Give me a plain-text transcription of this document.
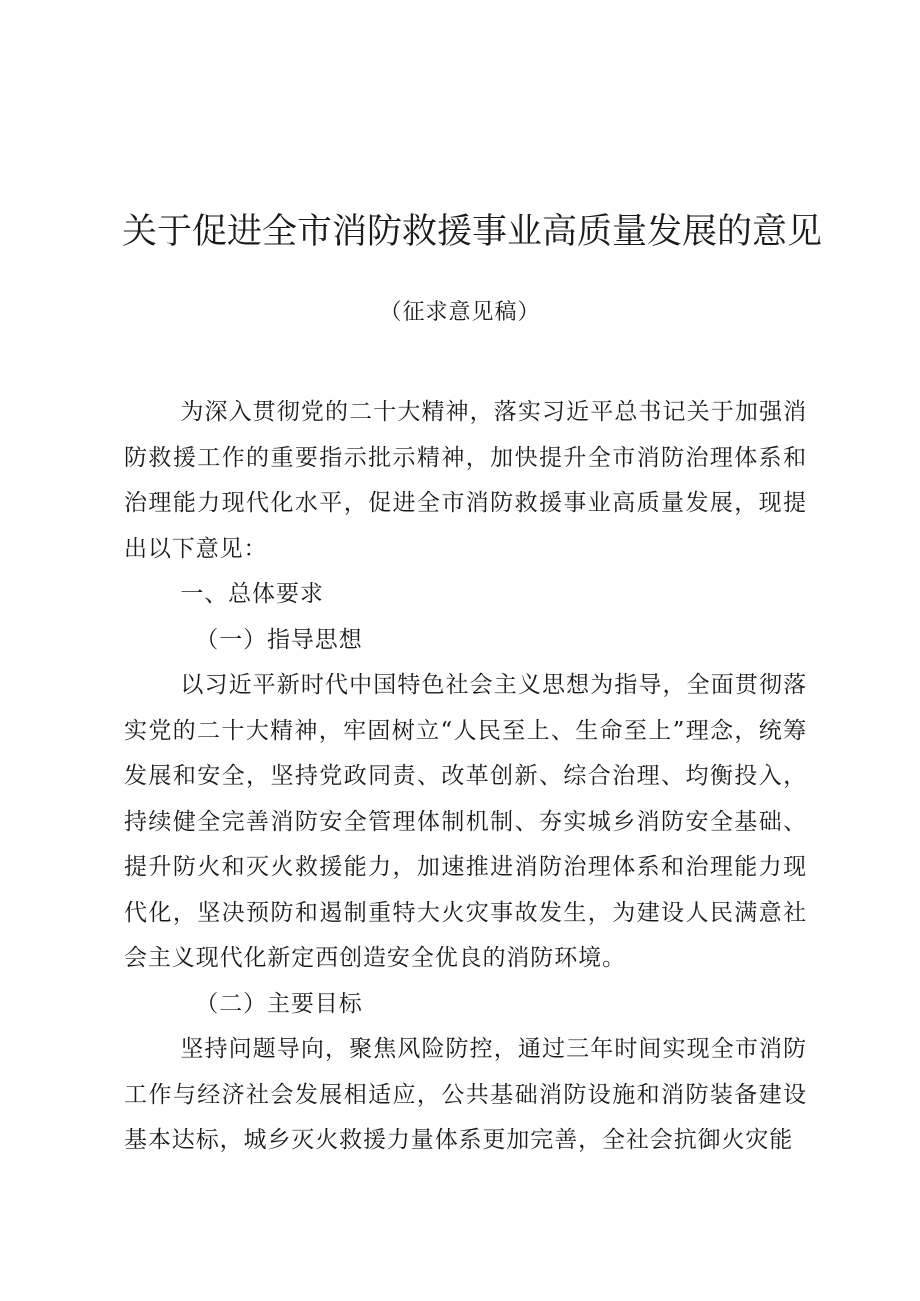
关于促进全市消防救援事业高质量发展的意见
（征求意见稿）

为深入贯彻党的二十大精神，落实习近平总书记关于加强消防救援工作的重要指示批示精神，加快提升全市消防治理体系和治理能力现代化水平，促进全市消防救援事业高质量发展，现提出以下意见：

一、总体要求

（一）指导思想

以习近平新时代中国特色社会主义思想为指导，全面贯彻落实党的二十大精神，牢固树立“人民至上、生命至上”理念，统筹发展和安全，坚持党政同责、改革创新、综合治理、均衡投入，持续健全完善消防安全管理体制机制、夯实城乡消防安全基础、提升防火和灭火救援能力，加速推进消防治理体系和治理能力现代化，坚决预防和遏制重特大火灾事故发生，为建设人民满意社会主义现代化新定西创造安全优良的消防环境。

（二）主要目标

坚持问题导向，聚焦风险防控，通过三年时间实现全市消防工作与经济社会发展相适应，公共基础消防设施和消防装备建设基本达标，城乡灭火救援力量体系更加完善，全社会抗御火灾能
